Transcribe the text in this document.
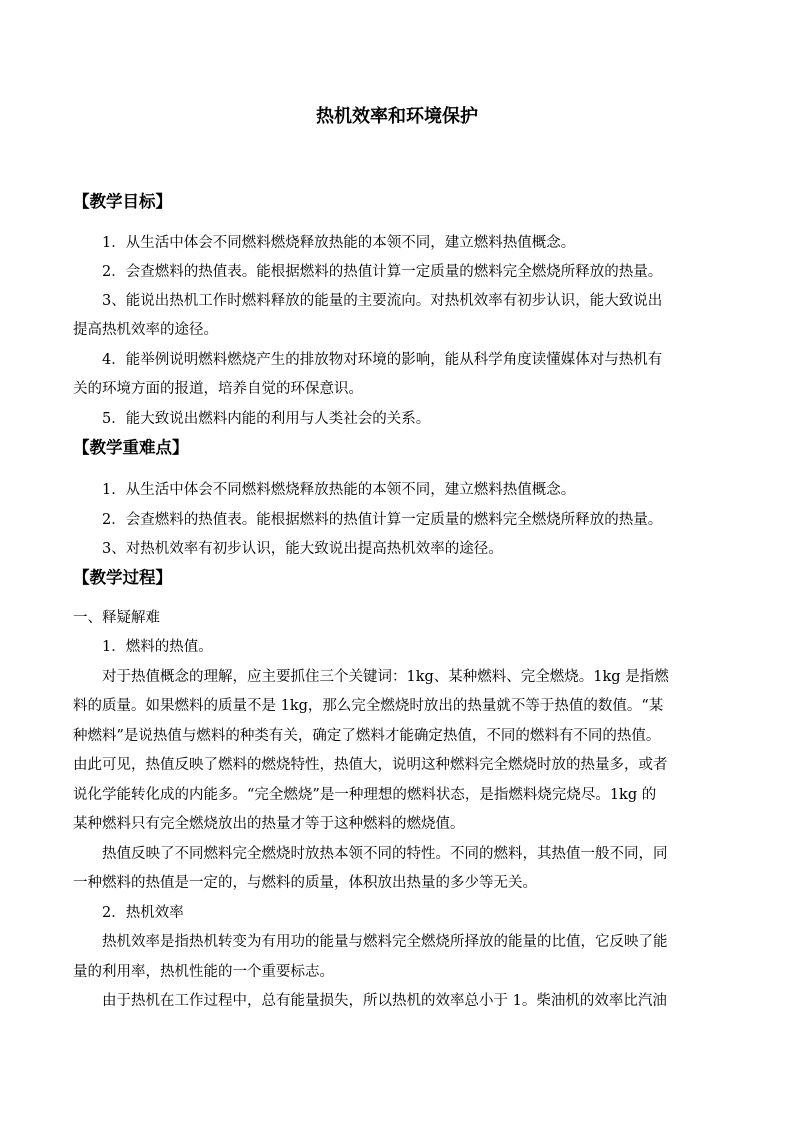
热机效率和环境保护
【教学目标】

1．从生活中体会不同燃料燃烧释放热能的本领不同，建立燃料热值概念。

2．会查燃料的热值表。能根据燃料的热值计算一定质量的燃料完全燃烧所释放的热量。

3、能说出热机工作时燃料释放的能量的主要流向。对热机效率有初步认识，能大致说出

提高热机效率的途径。

4．能举例说明燃料燃烧产生的排放物对环境的影响，能从科学角度读懂媒体对与热机有

关的环境方面的报道，培养自觉的环保意识。

5．能大致说出燃料内能的利用与人类社会的关系。

【教学重难点】

1．从生活中体会不同燃料燃烧释放热能的本领不同，建立燃料热值概念。

2．会查燃料的热值表。能根据燃料的热值计算一定质量的燃料完全燃烧所释放的热量。

3、对热机效率有初步认识，能大致说出提高热机效率的途径。

【教学过程】

一、释疑解难

1．燃料的热值。

对于热值概念的理解，应主要抓住三个关键词：1kg、某种燃料、完全燃烧。1kg 是指燃

料的质量。如果燃料的质量不是 1kg，那么完全燃烧时放出的热量就不等于热值的数值。“某

种燃料”是说热值与燃料的种类有关，确定了燃料才能确定热值，不同的燃料有不同的热值。

由此可见，热值反映了燃料的燃烧特性，热值大，说明这种燃料完全燃烧时放的热量多，或者

说化学能转化成的内能多。“完全燃烧”是一种理想的燃料状态，是指燃料烧完烧尽。1kg 的

某种燃料只有完全燃烧放出的热量才等于这种燃料的燃烧值。

热值反映了不同燃料完全燃烧时放热本领不同的特性。不同的燃料，其热值一般不同，同

一种燃料的热值是一定的，与燃料的质量，体积放出热量的多少等无关。

2．热机效率

热机效率是指热机转变为有用功的能量与燃料完全燃烧所择放的能量的比值，它反映了能

量的利用率，热机性能的一个重要标志。

由于热机在工作过程中，总有能量损失，所以热机的效率总小于 1。柴油机的效率比汽油
